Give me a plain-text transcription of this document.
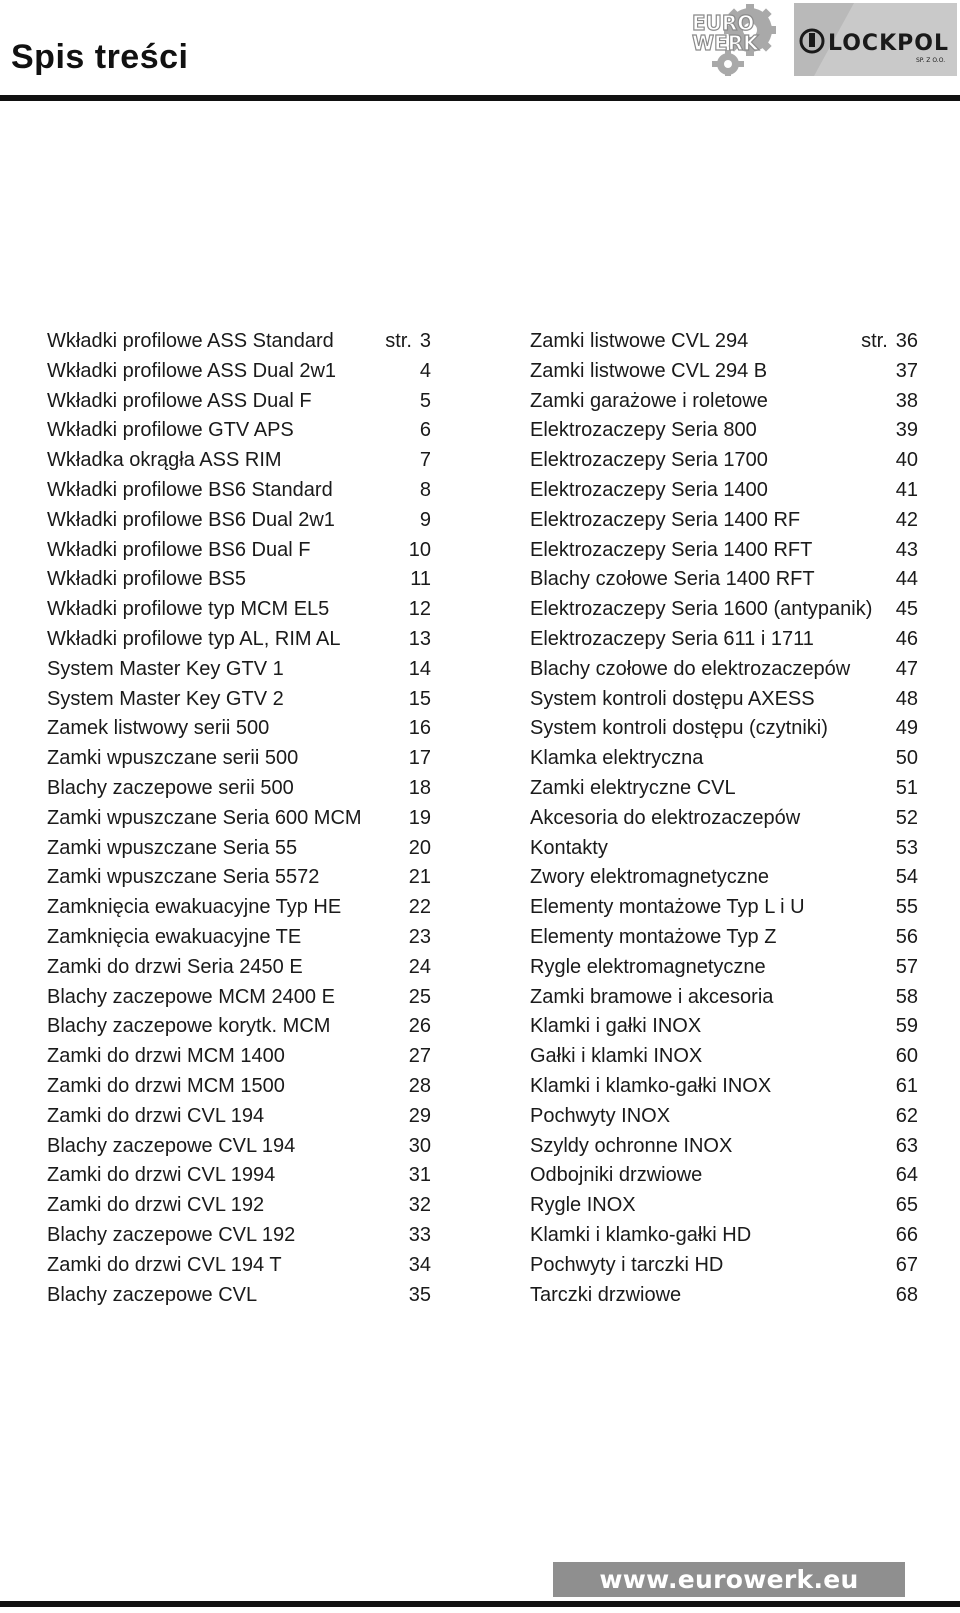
Spis treści
EURO
WERK	LOCKPOL
SP. Z O.O.
Wkładki profilowe ASS Standard	str. 3
Wkładki profilowe ASS Dual 2w1	4
Wkładki profilowe ASS Dual F	5
Wkładki profilowe GTV APS	6
Wkładka okrągła ASS RIM	7
Wkładki profilowe BS6 Standard	8
Wkładki profilowe BS6 Dual 2w1	9
Wkładki profilowe BS6 Dual F	10
Wkładki profilowe BS5	11
Wkładki profilowe typ MCM EL5	12
Wkładki profilowe typ AL, RIM AL	13
System Master Key GTV 1	14
System Master Key GTV 2	15
Zamek listwowy serii 500	16
Zamki wpuszczane serii 500	17
Blachy zaczepowe serii 500	18
Zamki wpuszczane Seria 600 MCM 19
Zamki wpuszczane Seria 55	20
Zamki wpuszczane Seria 5572	21
Zamknięcia ewakuacyjne Typ HE	22
Zamknięcia ewakuacyjne TE	23
Zamki do drzwi Seria 2450 E	24
Blachy zaczepowe MCM 2400 E	25
Blachy zaczepowe korytk. MCM	26
Zamki do drzwi MCM 1400	27
Zamki do drzwi MCM 1500	28
Zamki do drzwi CVL 194	29
Blachy zaczepowe CVL 194	30
Zamki do drzwi CVL 1994	31
Zamki do drzwi CVL 192	32
Blachy zaczepowe CVL 192	33
Zamki do drzwi CVL 194 T	34
Blachy zaczepowe CVL	35
Zamki listwowe CVL 294	str. 36
Zamki listwowe CVL 294 B	37
Zamki garażowe i roletowe	38
Elektrozaczepy Seria 800	39
Elektrozaczepy Seria 1700	40
Elektrozaczepy Seria 1400	41
Elektrozaczepy Seria 1400 RF	42
Elektrozaczepy Seria 1400 RFT	43
Blachy czołowe Seria 1400 RFT	44
Elektrozaczepy Seria 1600 (antypanik) 45
Elektrozaczepy Seria 611 i 1711	46
Blachy czołowe do elektrozaczepów 47
System kontroli dostępu AXESS	48
System kontroli dostępu (czytniki)	49
Klamka elektryczna	50
Zamki elektryczne CVL	51
Akcesoria do elektrozaczepów	52
Kontakty	53
Zwory elektromagnetyczne	54
Elementy montażowe Typ L i U	55
Elementy montażowe Typ Z	56
Rygle elektromagnetyczne	57
Zamki bramowe i akcesoria	58
Klamki i gałki INOX	59
Gałki i klamki INOX	60
Klamki i klamko-gałki INOX	61
Pochwyty INOX	62
Szyldy ochronne INOX	63
Odbojniki drzwiowe	64
Rygle INOX	65
Klamki i klamko-gałki HD	66
Pochwyty i tarczki HD	67
Tarczki drzwiowe	68
www.eurowerk.eu
